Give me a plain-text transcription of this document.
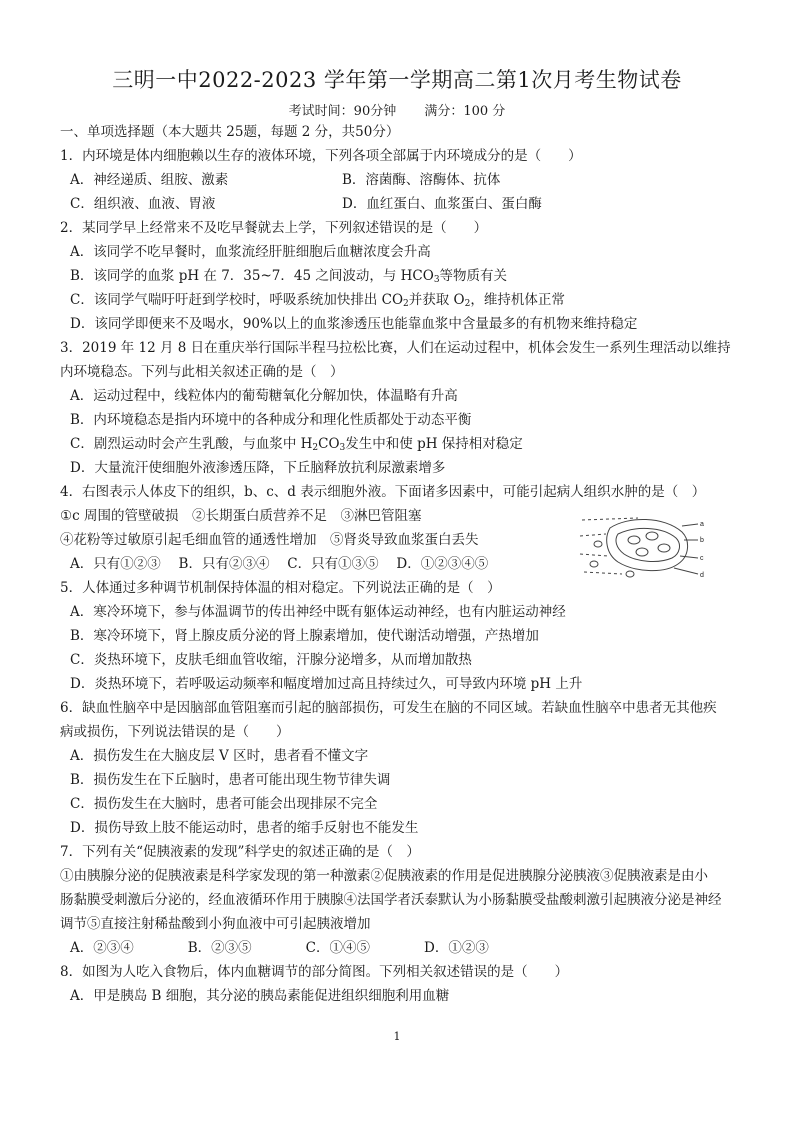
三明一中2022-2023 学年第一学期高二第1次月考生物试卷
考试时间：90分钟 满分：100 分
一、单项选择题（本大题共 25题，每题 2 分，共50分）
1．内环境是体内细胞赖以生存的液体环境，下列各项全部属于内环境成分的是（　　）
A．神经递质、组胺、激素	B．溶菌酶、溶酶体、抗体
C．组织液、血液、胃液	D．血红蛋白、血浆蛋白、蛋白酶
2．某同学早上经常来不及吃早餐就去上学，下列叙述错误的是（　　）
A．该同学不吃早餐时，血浆流经肝脏细胞后血糖浓度会升高
B．该同学的血浆 pH 在 7．35~7．45 之间波动，与 $HCO_3$等物质有关
C．该同学气喘吁吁赶到学校时，呼吸系统加快排出 $CO_2$并获取 $O_2$，维持机体正常
D．该同学即便来不及喝水，90%以上的血浆渗透压也能靠血浆中含量最多的有机物来维持稳定
3．2019 年 12 月 8 日在重庆举行国际半程马拉松比赛，人们在运动过程中，机体会发生一系列生理活动以维持
内环境稳态。下列与此相关叙述正确的是（　）
A．运动过程中，线粒体内的葡萄糖氧化分解加快，体温略有升高
B．内环境稳态是指内环境中的各种成分和理化性质都处于动态平衡
C．剧烈运动时会产生乳酸，与血浆中 $H_2CO_3$发生中和使 pH 保持相对稳定
D．大量流汗使细胞外液渗透压降，下丘脑释放抗利尿激素增多
4．右图表示人体皮下的组织，b、c、d 表示细胞外液。下面诸多因素中，可能引起病人组织水肿的是（　）
①c 周围的管壁破损　②长期蛋白质营养不足　③淋巴管阻塞
④花粉等过敏原引起毛细血管的通透性增加　⑤肾炎导致血浆蛋白丢失
A．只有①②③　 B．只有②③④　 C．只有①③⑤　 D．①②③④⑤
a
b
c
d
5．人体通过多种调节机制保持体温的相对稳定。下列说法正确的是（　）
A．寒冷环境下，参与体温调节的传出神经中既有躯体运动神经，也有内脏运动神经
B．寒冷环境下，肾上腺皮质分泌的肾上腺素增加，使代谢活动增强，产热增加
C．炎热环境下，皮肤毛细血管收缩，汗腺分泌增多，从而增加散热
D．炎热环境下，若呼吸运动频率和幅度增加过高且持续过久，可导致内环境 pH 上升
6．缺血性脑卒中是因脑部血管阻塞而引起的脑部损伤，可发生在脑的不同区域。若缺血性脑卒中患者无其他疾
病或损伤，下列说法错误的是（　　）
A．损伤发生在大脑皮层 V 区时，患者看不懂文字
B．损伤发生在下丘脑时，患者可能出现生物节律失调
C．损伤发生在大脑时，患者可能会出现排尿不完全
D．损伤导致上肢不能运动时，患者的缩手反射也不能发生
7．下列有关“促胰液素的发现”科学史的叙述正确的是（　）
①由胰腺分泌的促胰液素是科学家发现的第一种激素②促胰液素的作用是促进胰腺分泌胰液③促胰液素是由小
肠黏膜受刺激后分泌的，经血液循环作用于胰腺④法国学者沃泰默认为小肠黏膜受盐酸刺激引起胰液分泌是神经
调节⑤直接注射稀盐酸到小狗血液中可引起胰液增加
A．②③④　　　　B．②③⑤　　　　C．①④⑤　　　　D．①②③
8．如图为人吃入食物后，体内血糖调节的部分简图。下列相关叙述错误的是（　　）
A．甲是胰岛 B 细胞，其分泌的胰岛素能促进组织细胞利用血糖
1
